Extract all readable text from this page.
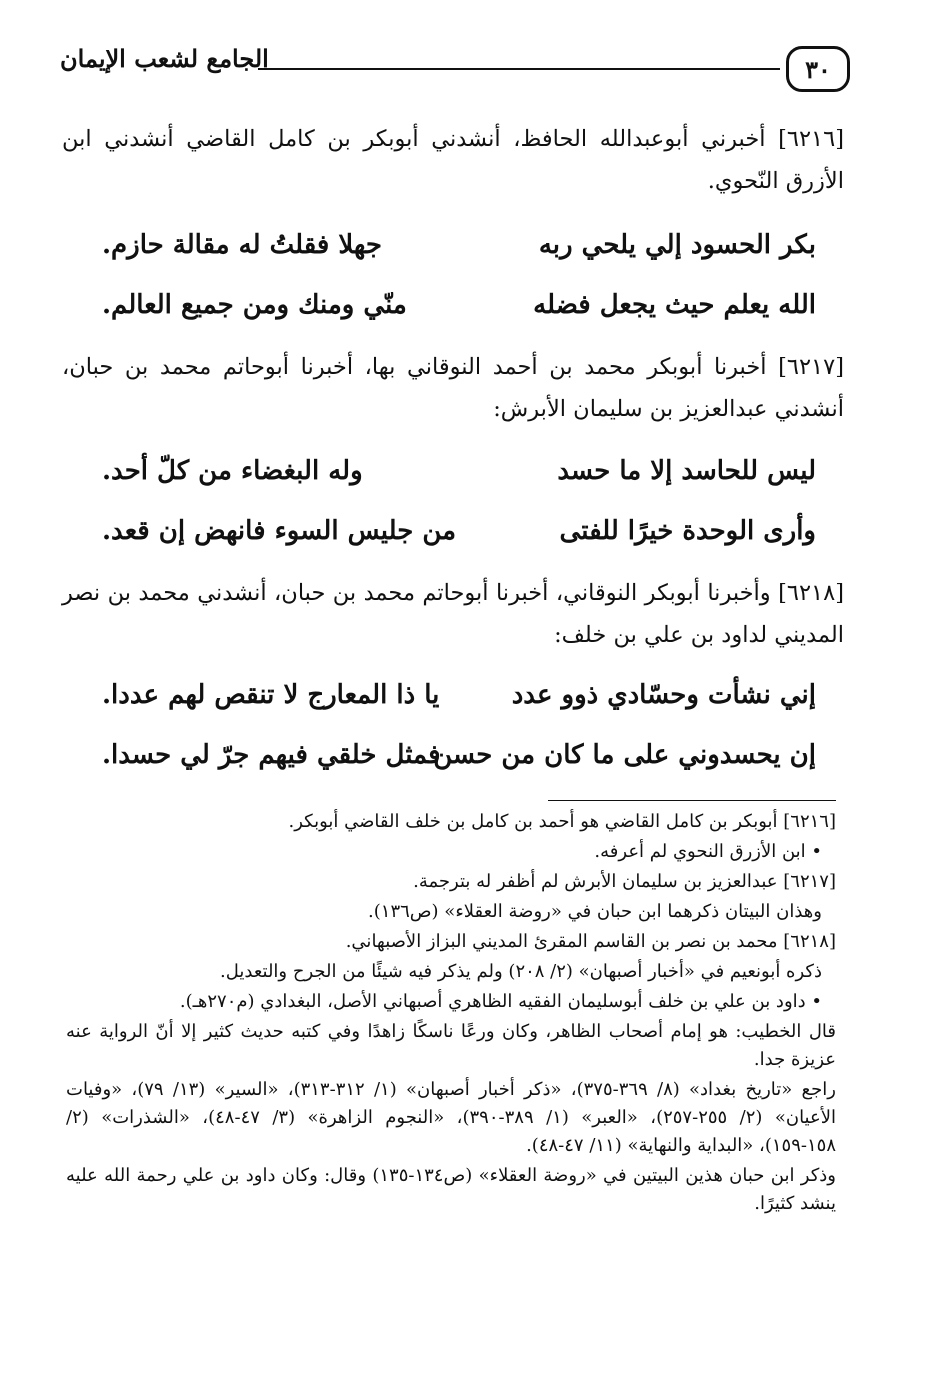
الجامع لشعب الإيمان	٣٠

[٦٢١٦] أخبرني أبوعبدالله الحافظ، أنشدني أبوبكر بن كامل القاضي أنشدني ابن الأزرق النّحوي.

بكر الحسود إلي يلحي ربه
جهلا فقلتُ له مقالة حازم.
الله يعلم حيث يجعل فضله
منّي ومنك ومن جميع العالم.

[٦٢١٧] أخبرنا أبوبكر محمد بن أحمد النوقاني بها، أخبرنا أبوحاتم محمد بن حبان، أنشدني عبدالعزيز بن سليمان الأبرش:

ليس للحاسد إلا ما حسد
وله البغضاء من كلّ أحد.
وأرى الوحدة خيرًا للفتى
من جليس السوء فانهض إن قعد.

[٦٢١٨] وأخبرنا أبوبكر النوقاني، أخبرنا أبوحاتم محمد بن حبان، أنشدني محمد بن نصر المديني لداود بن علي بن خلف:

إني نشأت وحسّادي ذوو عدد
يا ذا المعارج لا تنقص لهم عددا.
إن يحسدوني على ما كان من حسن
فمثل خلقي فيهم جرّ لي حسدا.

[٦٢١٦] أبوبكر بن كامل القاضي هو أحمد بن كامل بن خلف القاضي أبوبكر.

• ابن الأزرق النحوي لم أعرفه.

[٦٢١٧] عبدالعزيز بن سليمان الأبرش لم أظفر له بترجمة.

وهذان البيتان ذكرهما ابن حبان في «روضة العقلاء» (ص١٣٦).

[٦٢١٨] محمد بن نصر بن القاسم المقرئ المديني البزاز الأصبهاني.

ذكره أبونعيم في «أخبار أصبهان» (٢/ ٢٠٨) ولم يذكر فيه شيئًا من الجرح والتعديل.

• داود بن علي بن خلف أبوسليمان الفقيه الظاهري أصبهاني الأصل، البغدادي (م٢٧٠هـ).

قال الخطيب: هو إمام أصحاب الظاهر، وكان ورعًا ناسكًا زاهدًا وفي كتبه حديث كثير إلا أنّ الرواية عنه عزيزة جدا.

راجع «تاريخ بغداد» (٨/ ٣٦٩-٣٧٥)، «ذكر أخبار أصبهان» (١/ ٣١٢-٣١٣)، «السير» (١٣/ ٧٩)، «وفيات الأعيان» (٢/ ٢٥٥-٢٥٧)، «العبر» (١/ ٣٨٩-٣٩٠)، «النجوم الزاهرة» (٣/ ٤٧-٤٨)، «الشذرات» (٢/ ١٥٨-١٥٩)، «البداية والنهاية» (١١/ ٤٧-٤٨).

وذكر ابن حبان هذين البيتين في «روضة العقلاء» (ص١٣٤-١٣٥) وقال: وكان داود بن علي رحمة الله عليه ينشد كثيرًا.
